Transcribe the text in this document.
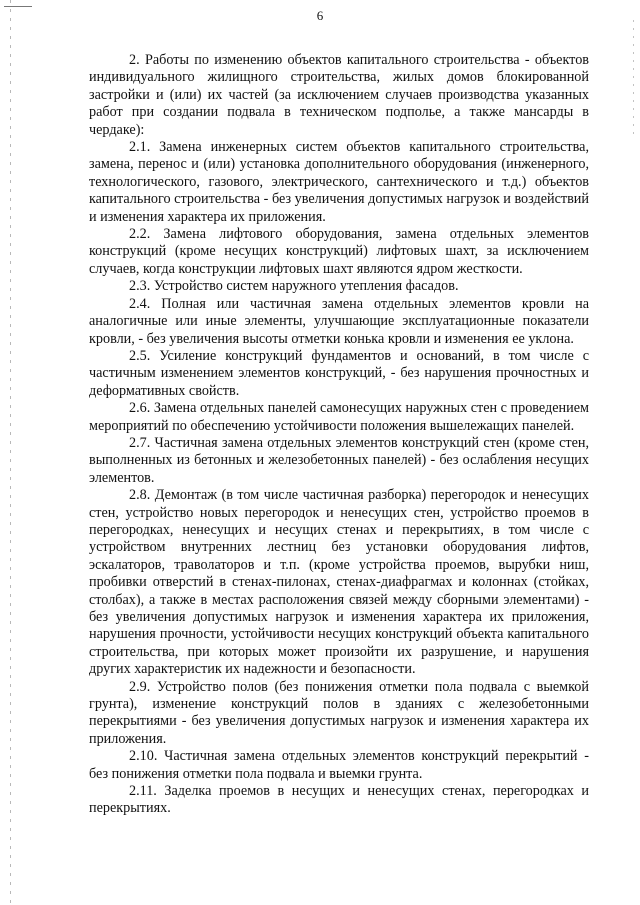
6

2. Работы по изменению объектов капитального строительства - объектов индивидуального жилищного строительства, жилых домов блокированной застройки и (или) их частей (за исключением случаев производства указанных работ при создании подвала в техническом подполье, а также мансарды в чердаке):

2.1. Замена инженерных систем объектов капитального строительства, замена, перенос и (или) установка дополнительного оборудования (инженерного, технологического, газового, электрического, сантехнического и т.д.) объектов капитального строительства - без увеличения допустимых нагрузок и воздействий и изменения характера их приложения.

2.2. Замена лифтового оборудования, замена отдельных элементов конструкций (кроме несущих конструкций) лифтовых шахт, за исключением случаев, когда конструкции лифтовых шахт являются ядром жесткости.

2.3. Устройство систем наружного утепления фасадов.

2.4. Полная или частичная замена отдельных элементов кровли на аналогичные или иные элементы, улучшающие эксплуатационные показатели кровли, - без увеличения высоты отметки конька кровли и изменения ее уклона.

2.5. Усиление конструкций фундаментов и оснований, в том числе с частичным изменением элементов конструкций, - без нарушения прочностных и деформативных свойств.

2.6. Замена отдельных панелей самонесущих наружных стен с проведением мероприятий по обеспечению устойчивости положения вышележащих панелей.

2.7. Частичная замена отдельных элементов конструкций стен (кроме стен, выполненных из бетонных и железобетонных панелей) - без ослабления несущих элементов.

2.8. Демонтаж (в том числе частичная разборка) перегородок и ненесущих стен, устройство новых перегородок и ненесущих стен, устройство проемов в перегородках, ненесущих и несущих стенах и перекрытиях, в том числе с устройством внутренних лестниц без установки оборудования лифтов, эскалаторов, траволаторов и т.п. (кроме устройства проемов, вырубки ниш, пробивки отверстий в стенах-пилонах, стенах-диафрагмах и колоннах (стойках, столбах), а также в местах расположения связей между сборными элементами) - без увеличения допустимых нагрузок и изменения характера их приложения, нарушения прочности, устойчивости несущих конструкций объекта капитального строительства, при которых может произойти их разрушение, и нарушения других характеристик их надежности и безопасности.

2.9. Устройство полов (без понижения отметки пола подвала с выемкой грунта), изменение конструкций полов в зданиях с железобетонными перекрытиями - без увеличения допустимых нагрузок и изменения характера их приложения.

2.10. Частичная замена отдельных элементов конструкций перекрытий - без понижения отметки пола подвала и выемки грунта.

2.11. Заделка проемов в несущих и ненесущих стенах, перегородках и перекрытиях.
